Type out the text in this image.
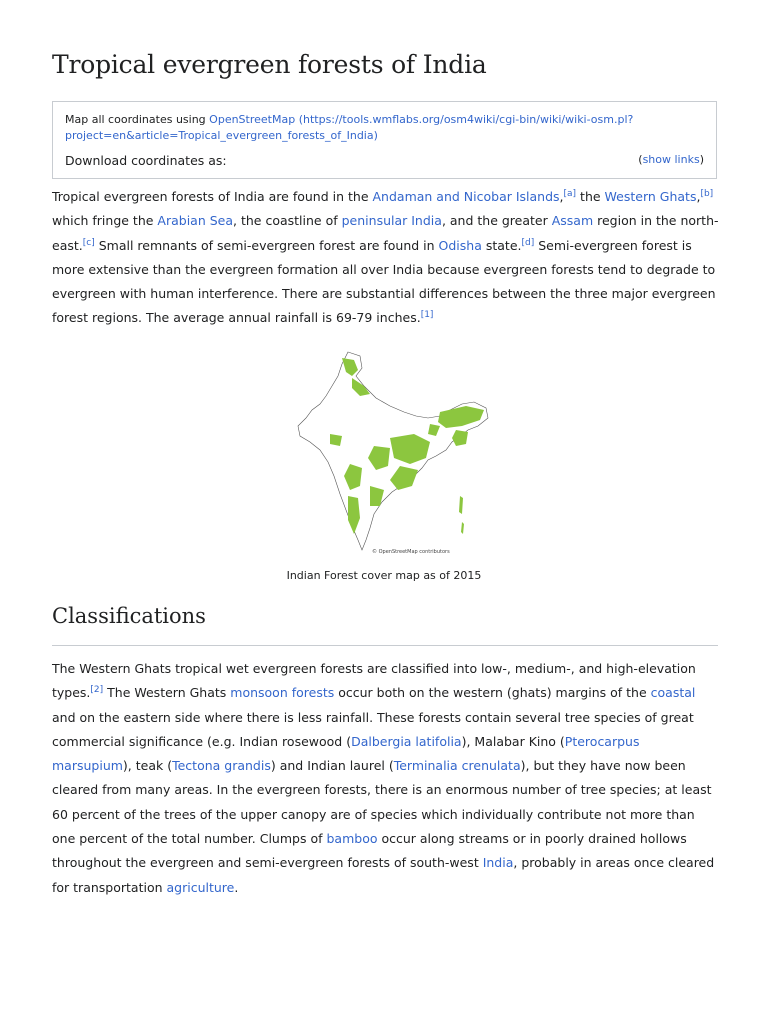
Tropical evergreen forests of India
Map all coordinates using OpenStreetMap (https://tools.wmflabs.org/osm4wiki/cgi-bin/wiki/wiki-osm.pl?project=en&article=Tropical_evergreen_forests_of_India)
Download coordinates as:	(show links)

Tropical evergreen forests of India are found in the Andaman and Nicobar Islands,[a] the Western Ghats,[b] which fringe the Arabian Sea, the coastline of peninsular India, and the greater Assam region in the north-east.[c] Small remnants of semi-evergreen forest are found in Odisha state.[d] Semi-evergreen forest is more extensive than the evergreen formation all over India because evergreen forests tend to degrade to evergreen with human interference. There are substantial differences between the three major evergreen forest regions. The average annual rainfall is 69-79 inches.[1]

© OpenStreetMap contributors
Indian Forest cover map as of 2015
Classifications

The Western Ghats tropical wet evergreen forests are classified into low-, medium-, and high-elevation types.[2] The Western Ghats monsoon forests occur both on the western (ghats) margins of the coastal and on the eastern side where there is less rainfall. These forests contain several tree species of great commercial significance (e.g. Indian rosewood (Dalbergia latifolia), Malabar Kino (Pterocarpus marsupium), teak (Tectona grandis) and Indian laurel (Terminalia crenulata), but they have now been cleared from many areas. In the evergreen forests, there is an enormous number of tree species; at least 60 percent of the trees of the upper canopy are of species which individually contribute not more than one percent of the total number. Clumps of bamboo occur along streams or in poorly drained hollows throughout the evergreen and semi-evergreen forests of south-west India, probably in areas once cleared for transportation agriculture.
